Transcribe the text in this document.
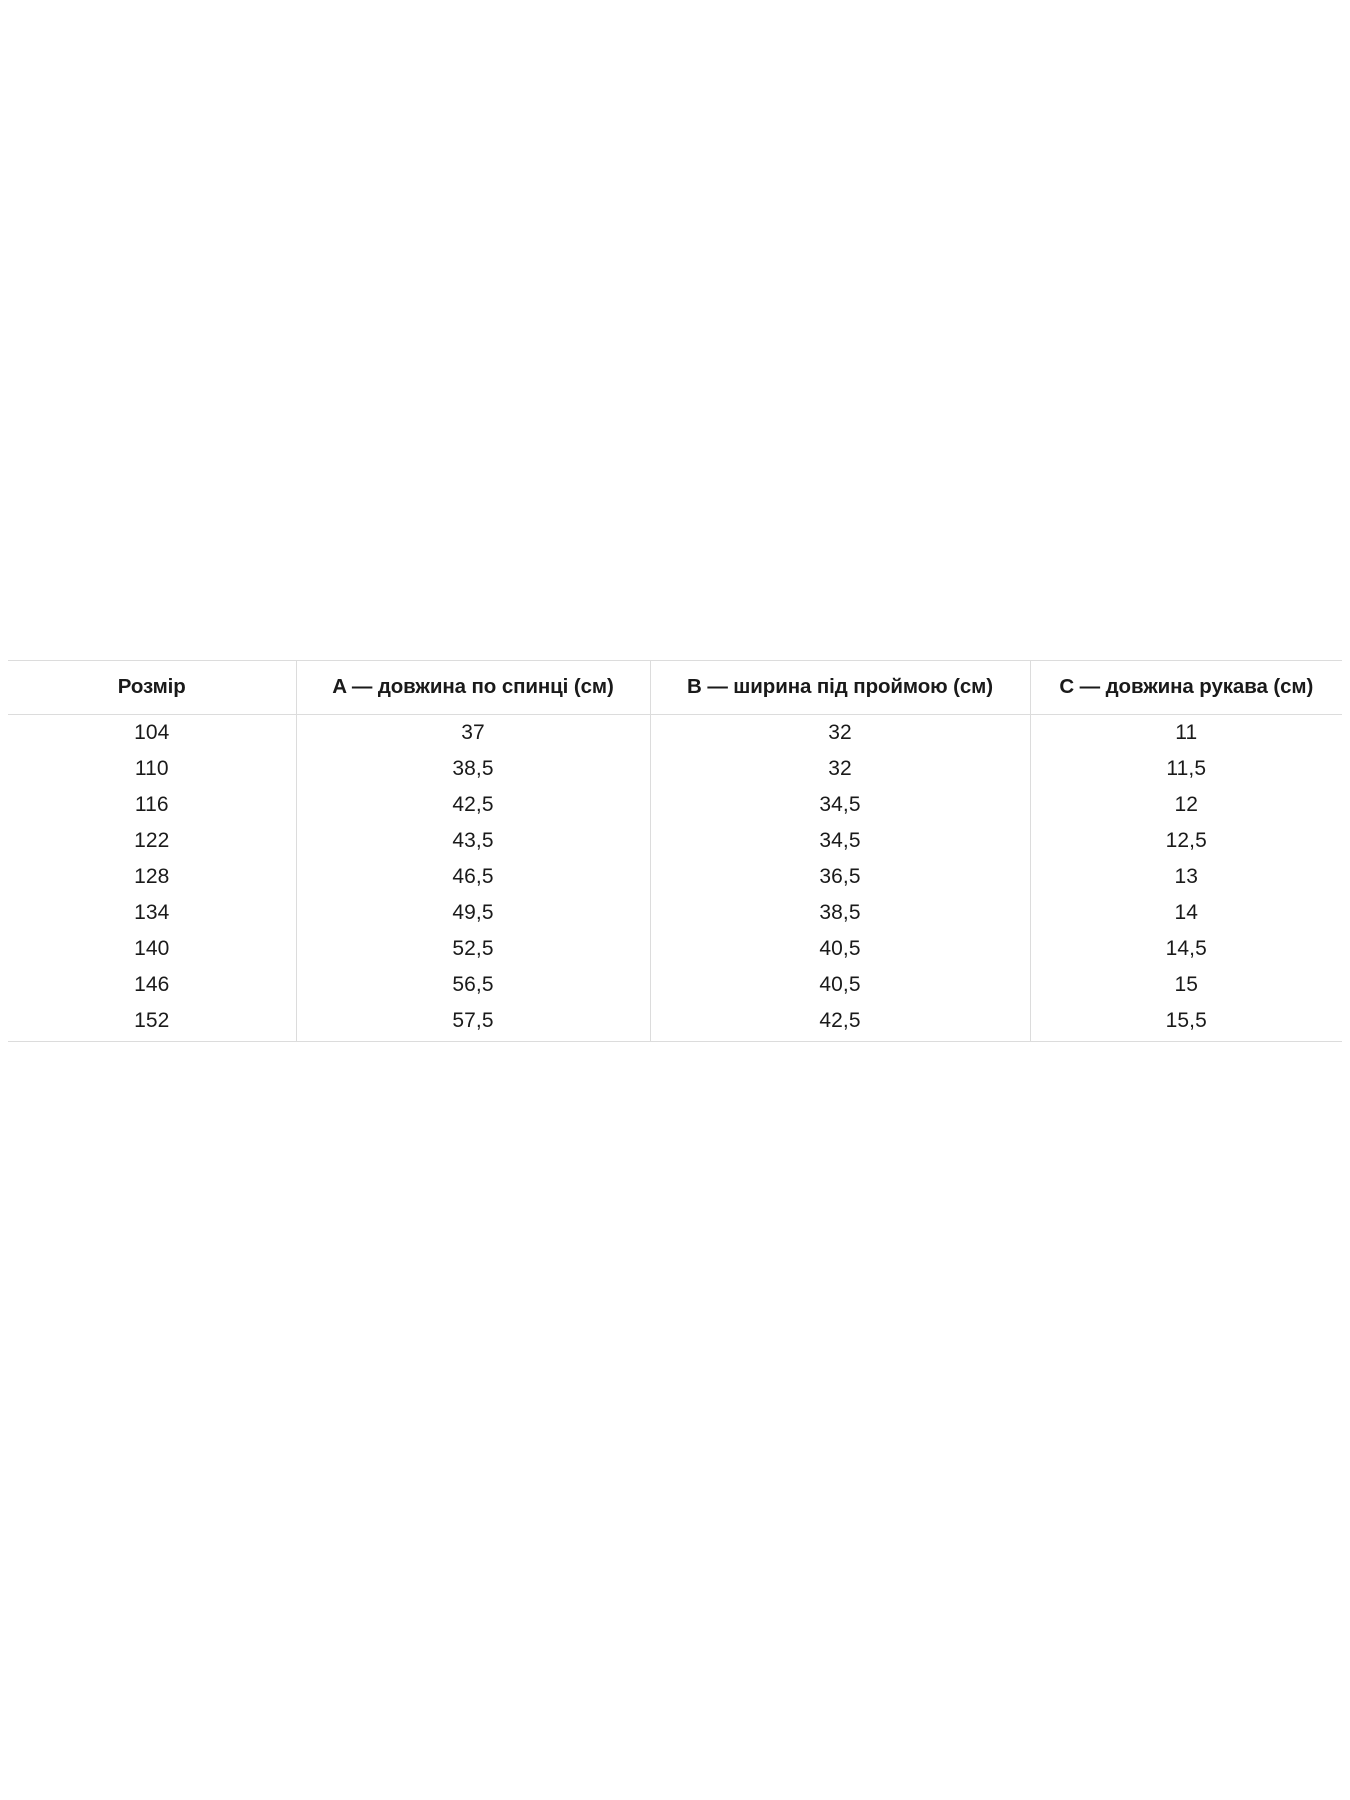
Розмір	A — довжина по спинці (см)	B — ширина під проймою (см)	C — довжина рукава (см)
104	37	32	11
110	38,5	32	11,5
116	42,5	34,5	12
122	43,5	34,5	12,5
128	46,5	36,5	13
134	49,5	38,5	14
140	52,5	40,5	14,5
146	56,5	40,5	15
152	57,5	42,5	15,5
